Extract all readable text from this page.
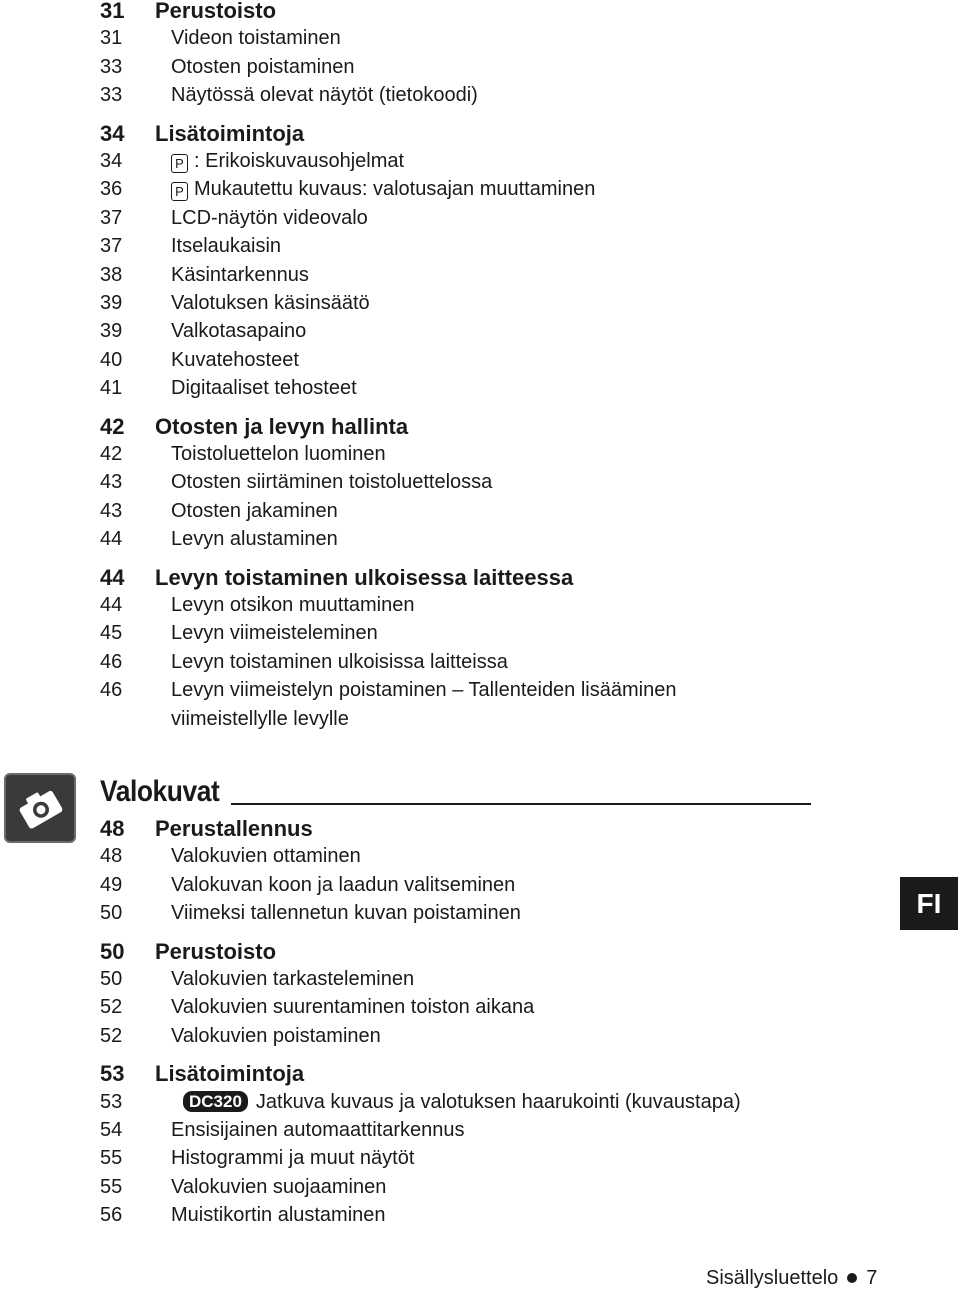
31	Perustoisto
31	Videon toistaminen
33	Otosten poistaminen
33	Näytössä olevat näytöt (tietokoodi)
34	Lisätoimintoja
34	P : Erikoiskuvausohjelmat
36	P Mukautettu kuvaus: valotusajan muuttaminen
37	LCD-näytön videovalo
37	Itselaukaisin
38	Käsintarkennus
39	Valotuksen käsinsäätö
39	Valkotasapaino
40	Kuvatehosteet
41	Digitaaliset tehosteet
42	Otosten ja levyn hallinta
42	Toistoluettelon luominen
43	Otosten siirtäminen toistoluettelossa
43	Otosten jakaminen
44	Levyn alustaminen
44	Levyn toistaminen ulkoisessa laitteessa
44	Levyn otsikon muuttaminen
45	Levyn viimeisteleminen
46	Levyn toistaminen ulkoisissa laitteissa
46	Levyn viimeistelyn poistaminen – Tallenteiden lisääminen
viimeistellylle levylle
Valokuvat
48	Perustallennus
48	Valokuvien ottaminen
49	Valokuvan koon ja laadun valitseminen
50	Viimeksi tallennetun kuvan poistaminen
50	Perustoisto
50	Valokuvien tarkasteleminen
52	Valokuvien suurentaminen toiston aikana
52	Valokuvien poistaminen
53	Lisätoimintoja
53	DC320 Jatkuva kuvaus ja valotuksen haarukointi (kuvaustapa)
54	Ensisijainen automaattitarkennus
55	Histogrammi ja muut näytöt
55	Valokuvien suojaaminen
56	Muistikortin alustaminen
FI
Sisällysluettelo 7
